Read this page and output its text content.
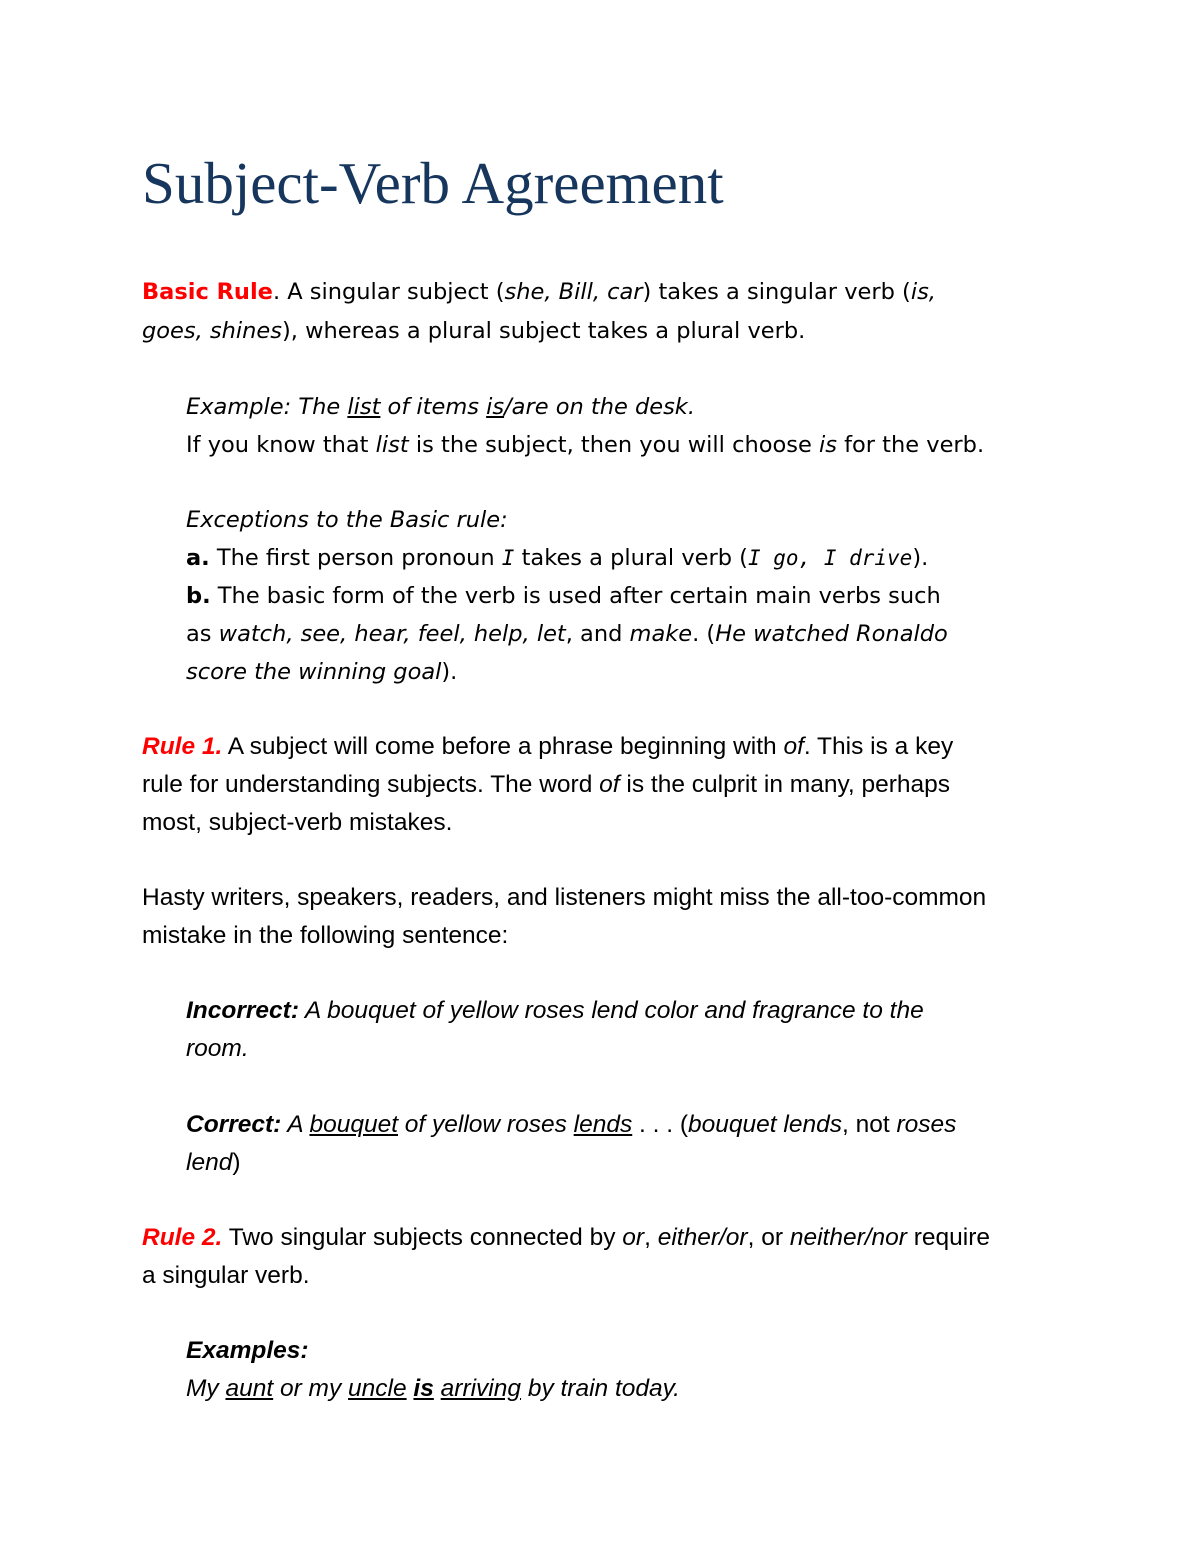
Subject-Verb Agreement
Basic Rule. A singular subject (she, Bill, car) takes a singular verb (is,
goes, shines), whereas a plural subject takes a plural verb.
Example: The list of items is/are on the desk.
If you know that list is the subject, then you will choose is for the verb.
Exceptions to the Basic rule:
a. The first person pronoun I takes a plural verb (I go, I drive).
b. The basic form of the verb is used after certain main verbs such
as watch, see, hear, feel, help, let, and make. (He watched Ronaldo
score the winning goal).
Rule 1. A subject will come before a phrase beginning with of. This is a key
rule for understanding subjects. The word of is the culprit in many, perhaps
most, subject-verb mistakes.
Hasty writers, speakers, readers, and listeners might miss the all-too-common
mistake in the following sentence:
Incorrect: A bouquet of yellow roses lend color and fragrance to the
room.
Correct: A bouquet of yellow roses lends . . . (bouquet lends, not roses
lend)
Rule 2. Two singular subjects connected by or, either/or, or neither/nor require
a singular verb.
Examples:
My aunt or my uncle is arriving by train today.
